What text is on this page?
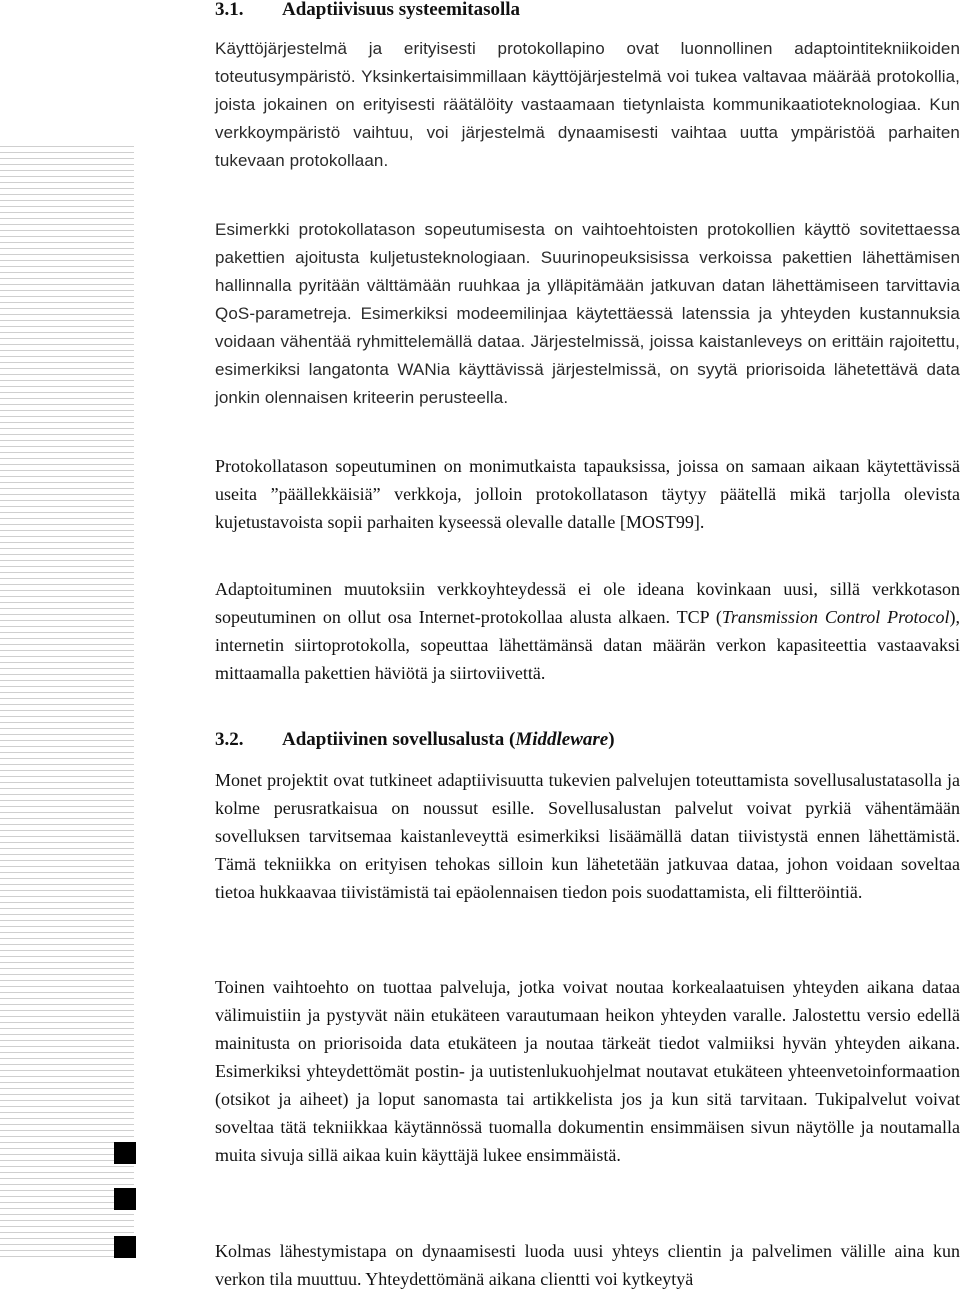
3.1.	Adaptiivisuus systeemitasolla

Käyttöjärjestelmä ja erityisesti protokollapino ovat luonnollinen adaptointitekniikoiden toteutusympäristö. Yksinkertaisimmillaan käyttöjärjestelmä voi tukea valtavaa määrää protokollia, joista jokainen on erityisesti räätälöity vastaamaan tietynlaista kommunikaatioteknologiaa. Kun verkkoympäristö vaihtuu, voi järjestelmä dynaamisesti vaihtaa uutta ympäristöä parhaiten tukevaan protokollaan.

Esimerkki protokollatason sopeutumisesta on vaihtoehtoisten protokollien käyttö sovitettaessa pakettien ajoitusta kuljetusteknologiaan. Suurinopeuksisissa verkoissa pakettien lähettämisen hallinnalla pyritään välttämään ruuhkaa ja ylläpitämään jatkuvan datan lähettämiseen tarvittavia QoS-parametreja. Esimerkiksi modeemilinjaa käytettäessä latenssia ja yhteyden kustannuksia voidaan vähentää ryhmittelemällä dataa. Järjestelmissä, joissa kaistanleveys on erittäin rajoitettu, esimerkiksi langatonta WANia käyttävissä järjestelmissä, on syytä priorisoida lähetettävä data jonkin olennaisen kriteerin perusteella.

Protokollatason sopeutuminen on monimutkaista tapauksissa, joissa on samaan aikaan käytettävissä useita ”päällekkäisiä” verkkoja, jolloin protokollatason täytyy päätellä mikä tarjolla olevista kujetustavoista sopii parhaiten kyseessä olevalle datalle [MOST99].

Adaptoituminen muutoksiin verkkoyhteydessä ei ole ideana kovinkaan uusi, sillä verkkotason sopeutuminen on ollut osa Internet-protokollaa alusta alkaen. TCP (Transmission Control Protocol), internetin siirtoprotokolla, sopeuttaa lähettämänsä datan määrän verkon kapasiteettia vastaavaksi mittaamalla pakettien häviötä ja siirtoviivettä.

3.2.	Adaptiivinen sovellusalusta (Middleware)

Monet projektit ovat tutkineet adaptiivisuutta tukevien palvelujen toteuttamista sovellusalustatasolla ja kolme perusratkaisua on noussut esille. Sovellusalustan palvelut voivat pyrkiä vähentämään sovelluksen tarvitsemaa kaistanleveyttä esimerkiksi lisäämällä datan tiivistystä ennen lähettämistä. Tämä tekniikka on erityisen tehokas silloin kun lähetetään jatkuvaa dataa, johon voidaan soveltaa tietoa hukkaavaa tiivistämistä tai epäolennaisen tiedon pois suodattamista, eli filtteröintiä.

Toinen vaihtoehto on tuottaa palveluja, jotka voivat noutaa korkealaatuisen yhteyden aikana dataa välimuistiin ja pystyvät näin etukäteen varautumaan heikon yhteyden varalle. Jalostettu versio edellä mainitusta on priorisoida data etukäteen ja noutaa tärkeät tiedot valmiiksi hyvän yhteyden aikana. Esimerkiksi yhteydettömät postin- ja uutistenlukuohjelmat noutavat etukäteen yhteenvetoinformaation (otsikot ja aiheet) ja loput sanomasta tai artikkelista jos ja kun sitä tarvitaan. Tukipalvelut voivat soveltaa tätä tekniikkaa käytännössä tuomalla dokumentin ensimmäisen sivun näytölle ja noutamalla muita sivuja sillä aikaa kuin käyttäjä lukee ensimmäistä.

Kolmas lähestymistapa on dynaamisesti luoda uusi yhteys clientin ja palvelimen välille aina kun verkon tila muuttuu. Yhteydettömänä aikana clientti voi kytkeytyä
